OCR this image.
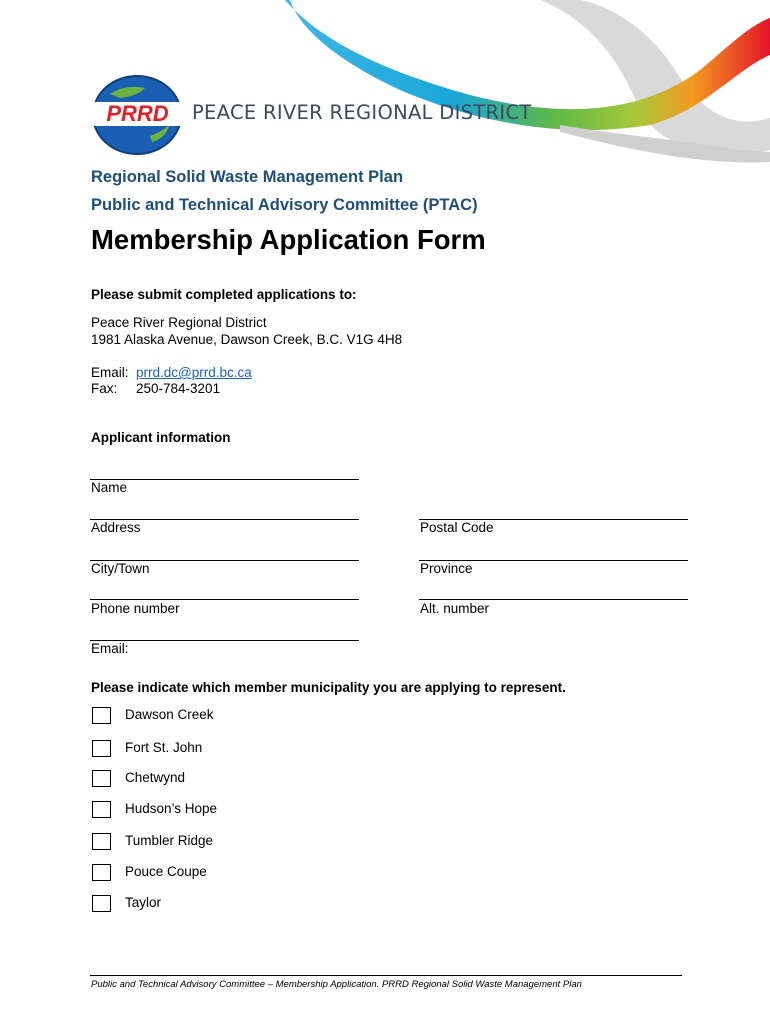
PRRD PEACE RIVER REGIONAL DISTRICT
Regional Solid Waste Management Plan
Public and Technical Advisory Committee (PTAC)
Membership Application Form
Please submit completed applications to:
Peace River Regional District
1981 Alaska Avenue, Dawson Creek, B.C. V1G 4H8
Email: prrd.dc@prrd.bc.ca
Fax: 250-784-3201
Applicant information
Name
Address	Postal Code
City/Town	Province
Phone number	Alt. number
Email:
Please indicate which member municipality you are applying to represent.
Dawson Creek
Fort St. John
Chetwynd
Hudson’s Hope
Tumbler Ridge
Pouce Coupe
Taylor
Public and Technical Advisory Committee – Membership Application. PRRD Regional Solid Waste Management Plan
